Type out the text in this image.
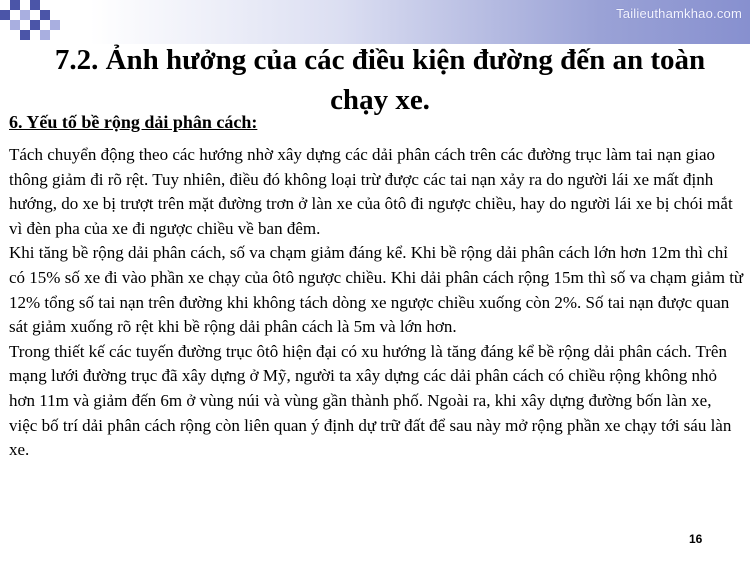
Tailieuthamkhao.com
7.2. Ảnh hưởng của các điều kiện đường đến an toàn chạy xe.
6. Yếu tố bề rộng dải phân cách:

Tách chuyển động theo các hướng nhờ xây dựng các dải phân cách trên các đường trục làm tai nạn giao thông giảm đi rõ rệt. Tuy nhiên, điều đó không loại trừ được các tai nạn xảy ra do người lái xe mất định hướng, do xe bị trượt trên mặt đường trơn ở làn xe của ôtô đi ngược chiều, hay do người lái xe bị chói mắt vì đèn pha của xe đi ngược chiều về ban đêm.

Khi tăng bề rộng dải phân cách, số va chạm giảm đáng kể. Khi bề rộng dải phân cách lớn hơn 12m thì chỉ có 15% số xe đi vào phần xe chạy của ôtô ngược chiều. Khi dải phân cách rộng 15m thì số va chạm giảm từ 12% tổng số tai nạn trên đường khi không tách dòng xe ngược chiều xuống còn 2%. Số tai nạn được quan sát giảm xuống rõ rệt khi bề rộng dải phân cách là 5m và lớn hơn.

Trong thiết kế các tuyến đường trục ôtô hiện đại có xu hướng là tăng đáng kể bề rộng dải phân cách. Trên mạng lưới đường trục đã xây dựng ở Mỹ, người ta xây dựng các dải phân cách có chiều rộng không nhỏ hơn 11m và giảm đến 6m ở vùng núi và vùng gần thành phố. Ngoài ra, khi xây dựng đường bốn làn xe, việc bố trí dải phân cách rộng còn liên quan ý định dự trữ đất để sau này mở rộng phần xe chạy tới sáu làn xe.

16
